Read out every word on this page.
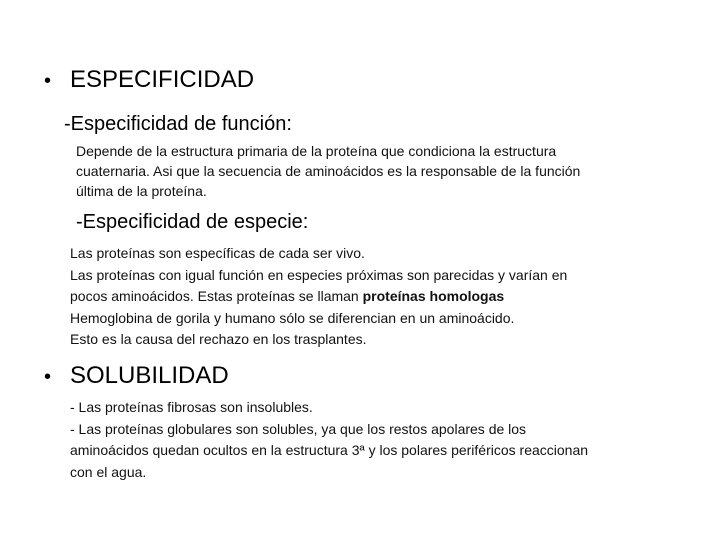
• ESPECIFICIDAD
-Especificidad de función:
Depende de la estructura primaria de la proteína que condiciona la estructura
cuaternaria. Asi que la secuencia de aminoácidos es la responsable de la función
última de la proteína.
-Especificidad de especie:
Las proteínas son específicas de cada ser vivo.
Las proteínas con igual función en especies próximas son parecidas y varían en
pocos aminoácidos. Estas proteínas se llaman proteínas homologas
Hemoglobina de gorila y humano sólo se diferencian en un aminoácido.
Esto es la causa del rechazo en los trasplantes.
• SOLUBILIDAD
- Las proteínas fibrosas son insolubles.
- Las proteínas globulares son solubles, ya que los restos apolares de los
aminoácidos quedan ocultos en la estructura 3ª y los polares periféricos reaccionan
con el agua.
